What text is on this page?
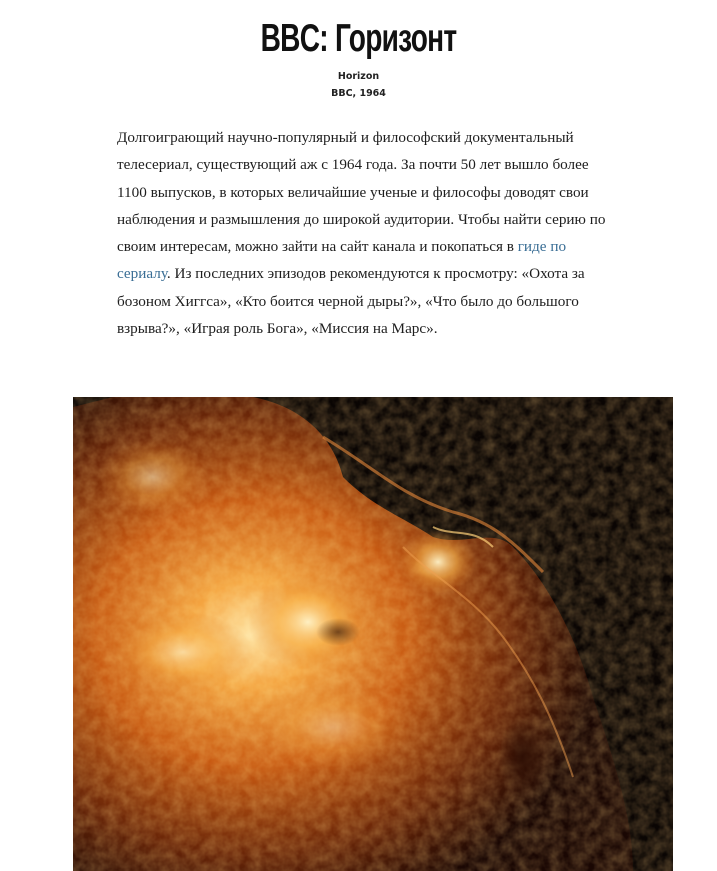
BBC: Горизонт
Horizon
BBC, 1964

Долгоиграющий научно-популярный и философский документальный телесериал, существующий аж с 1964 года. За почти 50 лет вышло более 1100 выпусков, в которых величайшие ученые и философы доводят свои наблюдения и размышления до широкой аудитории. Чтобы найти серию по своим интересам, можно зайти на сайт канала и покопаться в гиде по сериалу. Из последних эпизодов рекомендуются к просмотру: «Охота за бозоном Хиггса», «Кто боится черной дыры?», «Что было до большого взрыва?», «Играя роль Бога», «Миссия на Марс».
